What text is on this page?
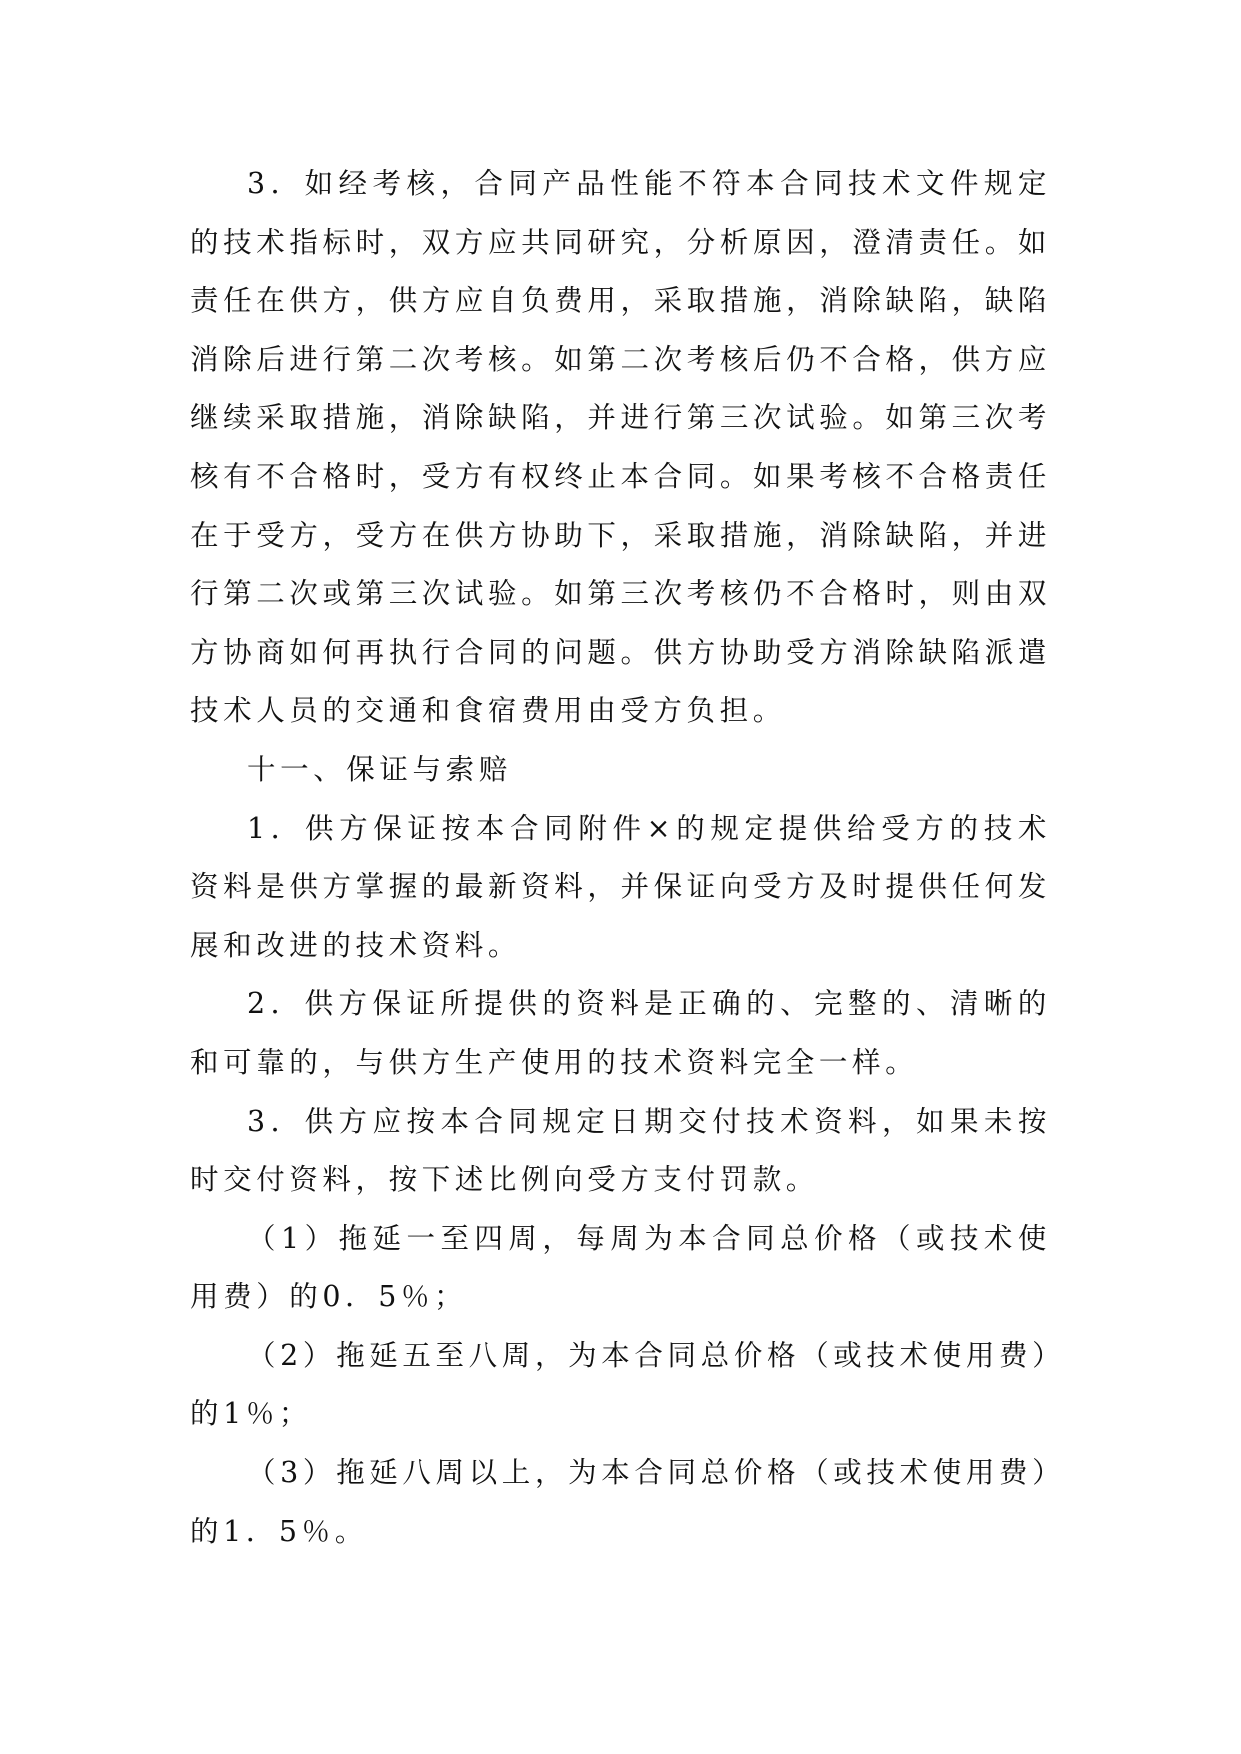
3．如经考核，合同产品性能不符本合同技术文件规定的技术指标时，双方应共同研究，分析原因，澄清责任。如责任在供方，供方应自负费用，采取措施，消除缺陷，缺陷消除后进行第二次考核。如第二次考核后仍不合格，供方应继续采取措施，消除缺陷，并进行第三次试验。如第三次考核有不合格时，受方有权终止本合同。如果考核不合格责任在于受方，受方在供方协助下，采取措施，消除缺陷，并进行第二次或第三次试验。如第三次考核仍不合格时，则由双方协商如何再执行合同的问题。供方协助受方消除缺陷派遣技术人员的交通和食宿费用由受方负担。

十一、保证与索赔

1．供方保证按本合同附件×的规定提供给受方的技术资料是供方掌握的最新资料，并保证向受方及时提供任何发展和改进的技术资料。

2．供方保证所提供的资料是正确的、完整的、清晰的和可靠的，与供方生产使用的技术资料完全一样。

3．供方应按本合同规定日期交付技术资料，如果未按时交付资料，按下述比例向受方支付罚款。

（1）拖延一至四周，每周为本合同总价格（或技术使用费）的0．5％；

（2）拖延五至八周，为本合同总价格（或技术使用费）的1％；

（3）拖延八周以上，为本合同总价格（或技术使用费）的1．5％。
